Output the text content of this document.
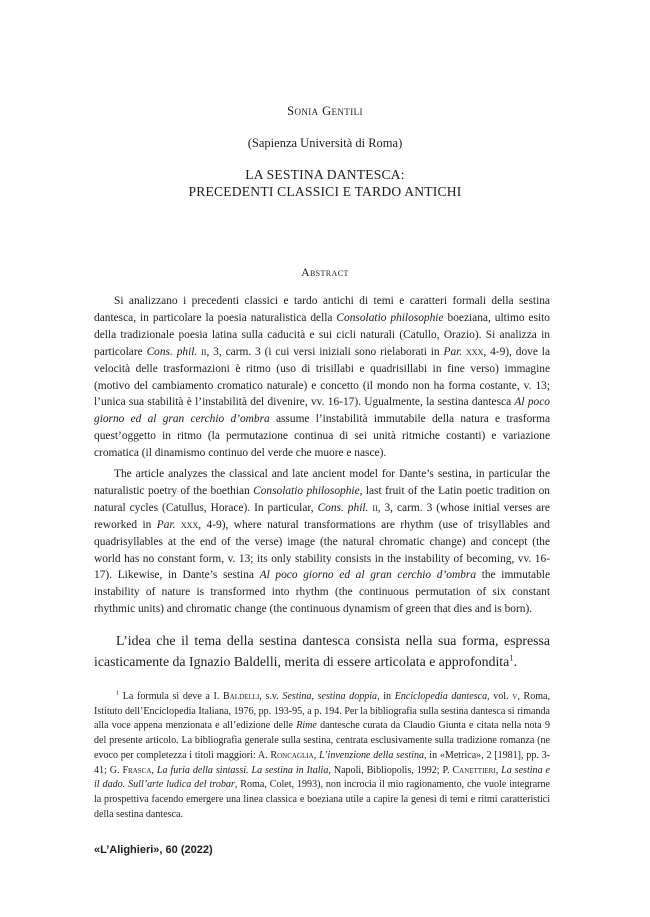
Sonia Gentili
(Sapienza Università di Roma)
LA SESTINA DANTESCA:
PRECEDENTI CLASSICI E TARDO ANTICHI
Abstract

Si analizzano i precedenti classici e tardo antichi di temi e caratteri formali della sestina dantesca, in particolare la poesia naturalistica della Consolatio philosophie boeziana, ultimo esito della tradizionale poesia latina sulla caducità e sui cicli naturali (Catullo, Orazio). Si analizza in particolare Cons. phil. ii, 3, carm. 3 (i cui versi iniziali sono rielaborati in Par. xxx, 4-9), dove la velocità delle trasformazioni è ritmo (uso di trisillabi e quadrisillabi in fine verso) immagine (motivo del cambiamento cromatico naturale) e concetto (il mondo non ha forma costante, v. 13; l’unica sua stabilità è l’instabilità del divenire, vv. 16-17). Ugualmente, la sestina dantesca Al poco giorno ed al gran cerchio d’ombra assume l’instabilità immutabile della natura e trasforma quest’oggetto in ritmo (la permutazione continua di sei unità ritmiche costanti) e variazione cromatica (il dinamismo continuo del verde che muore e nasce).

The article analyzes the classical and late ancient model for Dante’s sestina, in particular the naturalistic poetry of the boethian Consolatio philosophie, last fruit of the Latin poetic tradition on natural cycles (Catullus, Horace). In particular, Cons. phil. ii, 3, carm. 3 (whose initial verses are reworked in Par. xxx, 4-9), where natural transformations are rhythm (use of trisyllables and quadrisyllables at the end of the verse) image (the natural chromatic change) and concept (the world has no constant form, v. 13; its only stability consists in the instability of becoming, vv. 16-17). Likewise, in Dante’s sestina Al poco giorno ed al gran cerchio d’ombra the immutable instability of nature is transformed into rhythm (the continuous permutation of six constant rhythmic units) and chromatic change (the continuous dynamism of green that dies and is born).

L’idea che il tema della sestina dantesca consista nella sua forma, espressa icasticamente da Ignazio Baldelli, merita di essere articolata e approfondita$^1$.

$^1$ La formula si deve a I. Baldelli, s.v. Sestina, sestina doppia, in Enciclopedia dantesca, vol. v, Roma, Istituto dell’Enciclopedia Italiana, 1976, pp. 193-95, a p. 194. Per la bibliografia sulla sestina dantesca si rimanda alla voce appena menzionata e all’edizione delle Rime dantesche curata da Claudio Giunta e citata nella nota 9 del presente articolo. La bibliografia generale sulla sestina, centrata esclusivamente sulla tradizione romanza (ne evoco per completezza i titoli maggiori: A. Roncaglia, L’invenzione della sestina, in «Metrica», 2 [1981], pp. 3-41; G. Frasca, La furia della sintassi. La sestina in Italia, Napoli, Bibliopolis, 1992; P. Canettieri, La sestina e il dado. Sull’arte ludica del trobar, Roma, Colet, 1993), non incrocia il mio ragionamento, che vuole integrarne la prospettiva facendo emergere una linea classica e boeziana utile a capire la genesi di temi e ritmi caratteristici della sestina dantesca.

«L’Alighieri», 60 (2022)
